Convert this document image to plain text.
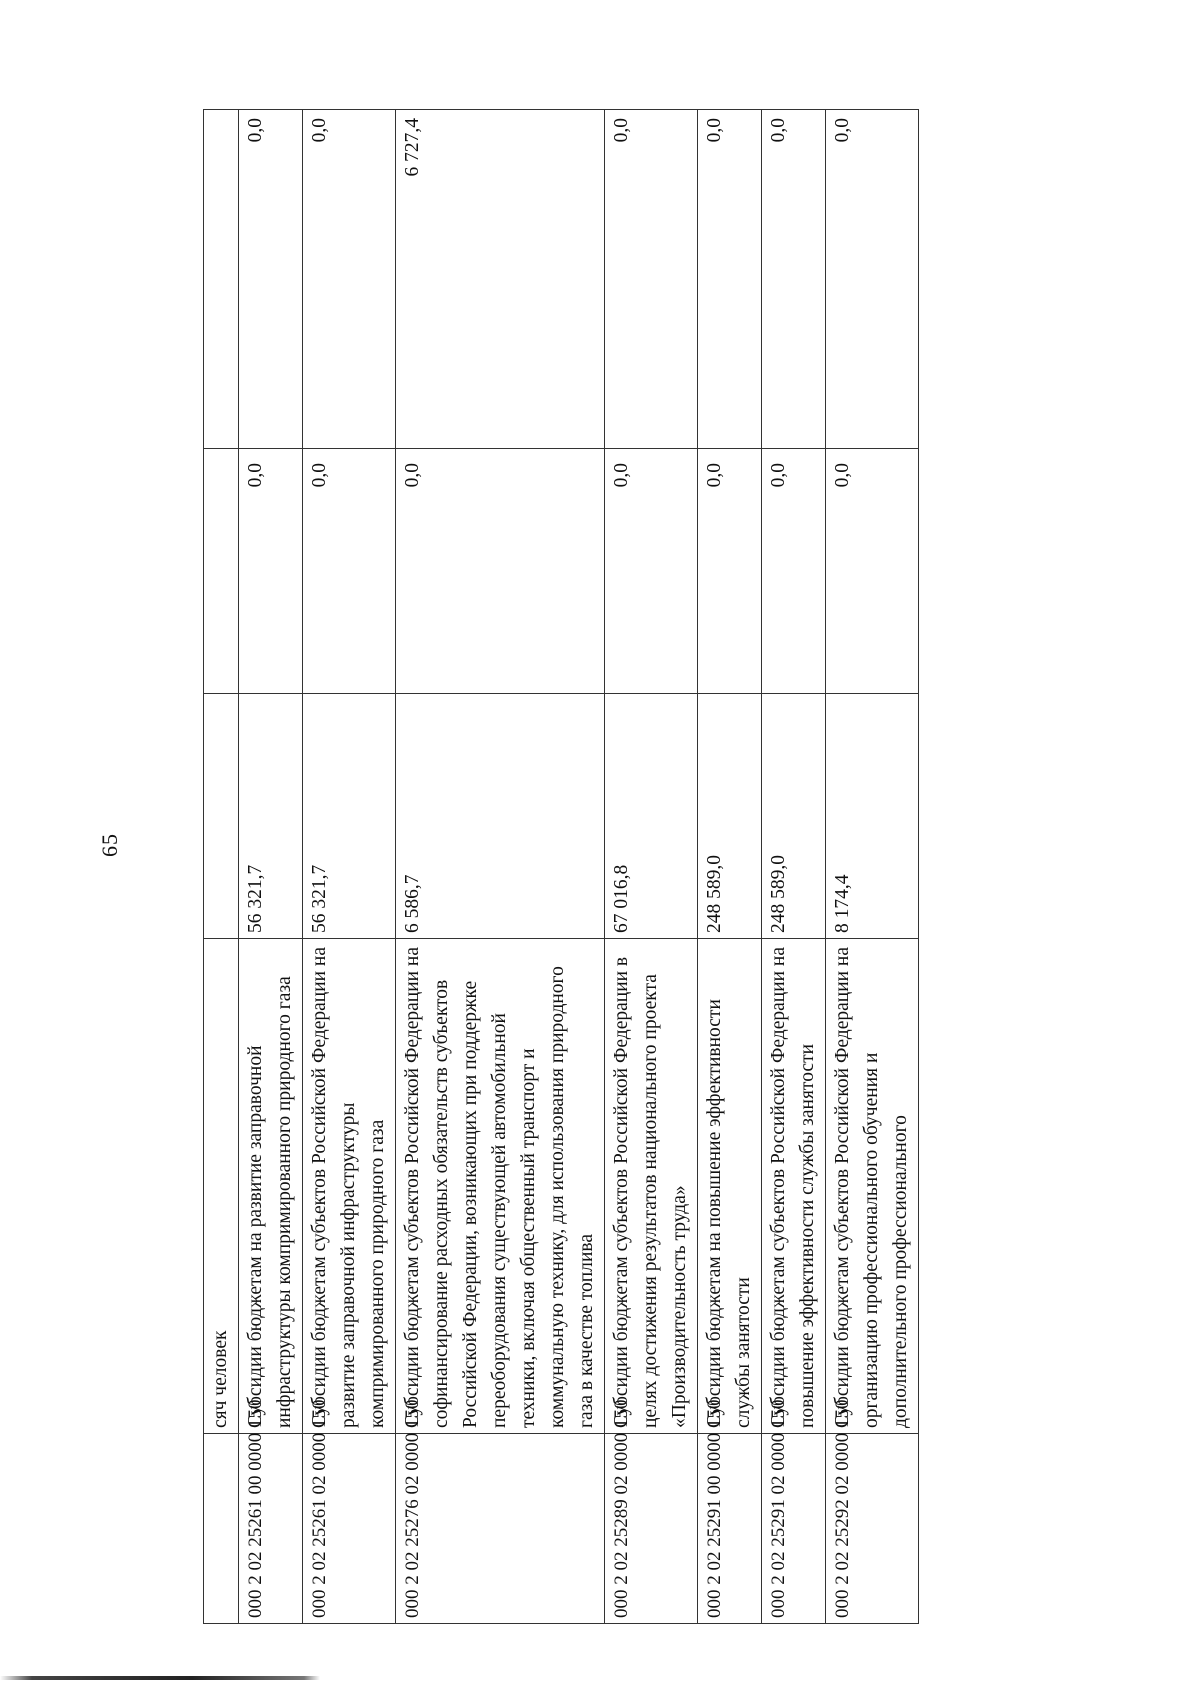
65
	сяч человек			
000 2 02 25261 00 0000 150	Субсидии бюджетам на развитие заправочной инфраструктуры компримированного природного газа	56 321,7	0,0	0,0
000 2 02 25261 02 0000 150	Субсидии бюджетам субъектов Российской Федерации на развитие заправочной инфраструктуры компримированного природного газа	56 321,7	0,0	0,0
000 2 02 25276 02 0000 150	Субсидии бюджетам субъектов Российской Федерации на софинансирование расходных обязательств субъектов Российской Федерации, возникающих при поддержке переоборудования существующей автомобильной техники, включая общественный транспорт и коммунальную технику, для использования природного газа в качестве топлива	6 586,7	0,0	6 727,4
000 2 02 25289 02 0000 150	Субсидии бюджетам субъектов Российской Федерации в целях достижения результатов национального проекта «Производительность труда»	67 016,8	0,0	0,0
000 2 02 25291 00 0000 150	Субсидии бюджетам на повышение эффективности службы занятости	248 589,0	0,0	0,0
000 2 02 25291 02 0000 150	Субсидии бюджетам субъектов Российской Федерации на повышение эффективности службы занятости	248 589,0	0,0	0,0
000 2 02 25292 02 0000 150	Субсидии бюджетам субъектов Российской Федерации на организацию профессионального обучения и дополнительного профессионального	8 174,4	0,0	0,0
